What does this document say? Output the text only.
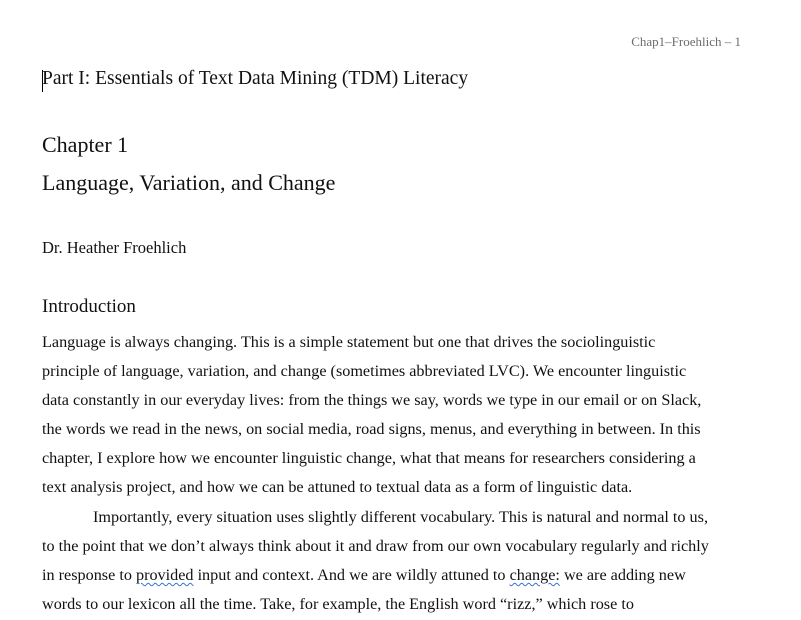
Chap1–Froehlich – 1
Part I: Essentials of Text Data Mining (TDM) Literacy
Chapter 1
Language, Variation, and Change
Dr. Heather Froehlich
Introduction
Language is always changing. This is a simple statement but one that drives the sociolinguistic
principle of language, variation, and change (sometimes abbreviated LVC). We encounter linguistic
data constantly in our everyday lives: from the things we say, words we type in our email or on Slack,
the words we read in the news, on social media, road signs, menus, and everything in between. In this
chapter, I explore how we encounter linguistic change, what that means for researchers considering a
text analysis project, and how we can be attuned to textual data as a form of linguistic data.
Importantly, every situation uses slightly different vocabulary. This is natural and normal to us,
to the point that we don’t always think about it and draw from our own vocabulary regularly and richly
in response to provided input and context. And we are wildly attuned to change: we are adding new
words to our lexicon all the time. Take, for example, the English word “rizz,” which rose to
